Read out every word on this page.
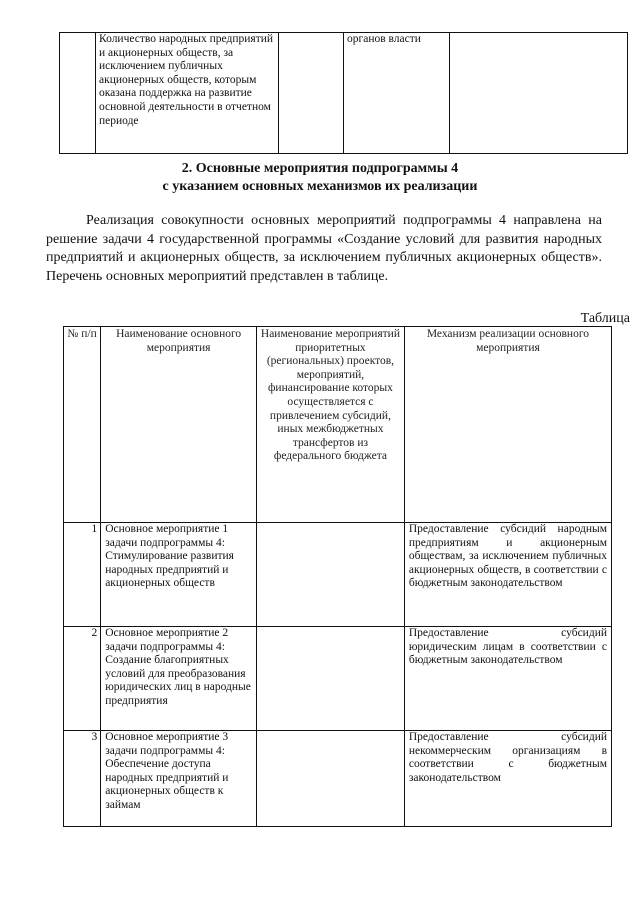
	Количество народных предприятий и акционерных обществ, за исключением публичных акционерных обществ, которым оказана поддержка на развитие основной деятельности в отчетном периоде		органов власти	
2. Основные мероприятия подпрограммы 4
с указанием основных механизмов их реализации
Реализация совокупности основных мероприятий подпрограммы 4 направлена на решение задачи 4 государственной программы «Создание условий для развития народных предприятий и акционерных обществ, за исключением публичных акционерных обществ». Перечень основных мероприятий представлен в таблице.
Таблица
№ п/п	Наименование основного мероприятия	Наименование мероприятий приоритетных (региональных) проектов, мероприятий, финансирование которых осуществляется с привлечением субсидий, иных межбюджетных трансфертов из федерального бюджета	Механизм реализации основного мероприятия
1	Основное мероприятие 1 задачи подпрограммы 4: Стимулирование развития народных предприятий и акционерных обществ		Предоставление субсидий народным предприятиям и акционерным обществам, за исключением публичных акционерных обществ, в соответствии с бюджетным законодательством
2	Основное мероприятие 2 задачи подпрограммы 4: Создание благоприятных условий для преобразования юридических лиц в народные предприятия		Предоставление субсидий юридическим лицам в соответствии с бюджетным законодательством
3	Основное мероприятие 3 задачи подпрограммы 4: Обеспечение доступа народных предприятий и акционерных обществ к займам		Предоставление субсидий некоммерческим организациям в соответствии с бюджетным законодательством
